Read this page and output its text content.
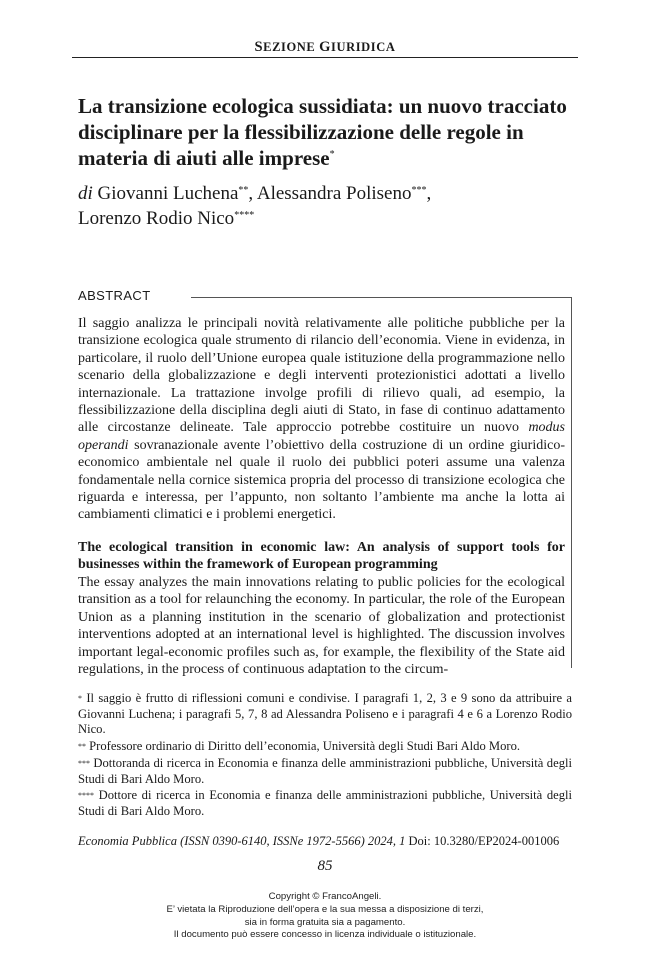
SEZIONE GIURIDICA
La transizione ecologica sussidiata: un nuovo tracciato disciplinare per la flessibilizzazione delle regole in materia di aiuti alle imprese*
di Giovanni Luchena**, Alessandra Poliseno***,
Lorenzo Rodio Nico****
ABSTRACT
Il saggio analizza le principali novità relativamente alle politiche pubbliche per la transizione ecologica quale strumento di rilancio dell’economia. Viene in evidenza, in particolare, il ruolo dell’Unione europea quale istituzione della programmazione nello scenario della globalizzazione e degli interventi protezionistici adottati a livello internazionale. La trattazione involge profili di rilievo quali, ad esempio, la flessibilizzazione della disciplina degli aiuti di Stato, in fase di continuo adattamento alle circostanze delineate. Tale approccio potrebbe costituire un nuovo modus operandi sovranazionale avente l’obiettivo della costruzione di un ordine giuridico-economico ambientale nel quale il ruolo dei pubblici poteri assume una valenza fondamentale nella cornice sistemica propria del processo di transizione ecologica che riguarda e interessa, per l’appunto, non soltanto l’ambiente ma anche la lotta ai cambiamenti climatici e i problemi energetici.
The ecological transition in economic law: An analysis of support tools for businesses within the framework of European programming
The essay analyzes the main innovations relating to public policies for the ecological transition as a tool for relaunching the economy. In particular, the role of the European Union as a planning institution in the scenario of globalization and protectionist interventions adopted at an international level is highlighted. The discussion involves important legal-economic profiles such as, for example, the flexibility of the State aid regulations, in the process of continuous adaptation to the circum-
* Il saggio è frutto di riflessioni comuni e condivise. I paragrafi 1, 2, 3 e 9 sono da attribuire a Giovanni Luchena; i paragrafi 5, 7, 8 ad Alessandra Poliseno e i paragrafi 4 e 6 a Lorenzo Rodio Nico.
** Professore ordinario di Diritto dell’economia, Università degli Studi Bari Aldo Moro.
*** Dottoranda di ricerca in Economia e finanza delle amministrazioni pubbliche, Università degli Studi di Bari Aldo Moro.
**** Dottore di ricerca in Economia e finanza delle amministrazioni pubbliche, Università degli Studi di Bari Aldo Moro.
Economia Pubblica (ISSN 0390-6140, ISSNe 1972-5566) 2024, 1 Doi: 10.3280/EP2024-001006
85
Copyright © FrancoAngeli.
E’ vietata la Riproduzione dell’opera e la sua messa a disposizione di terzi,
sia in forma gratuita sia a pagamento.
Il documento può essere concesso in licenza individuale o istituzionale.
